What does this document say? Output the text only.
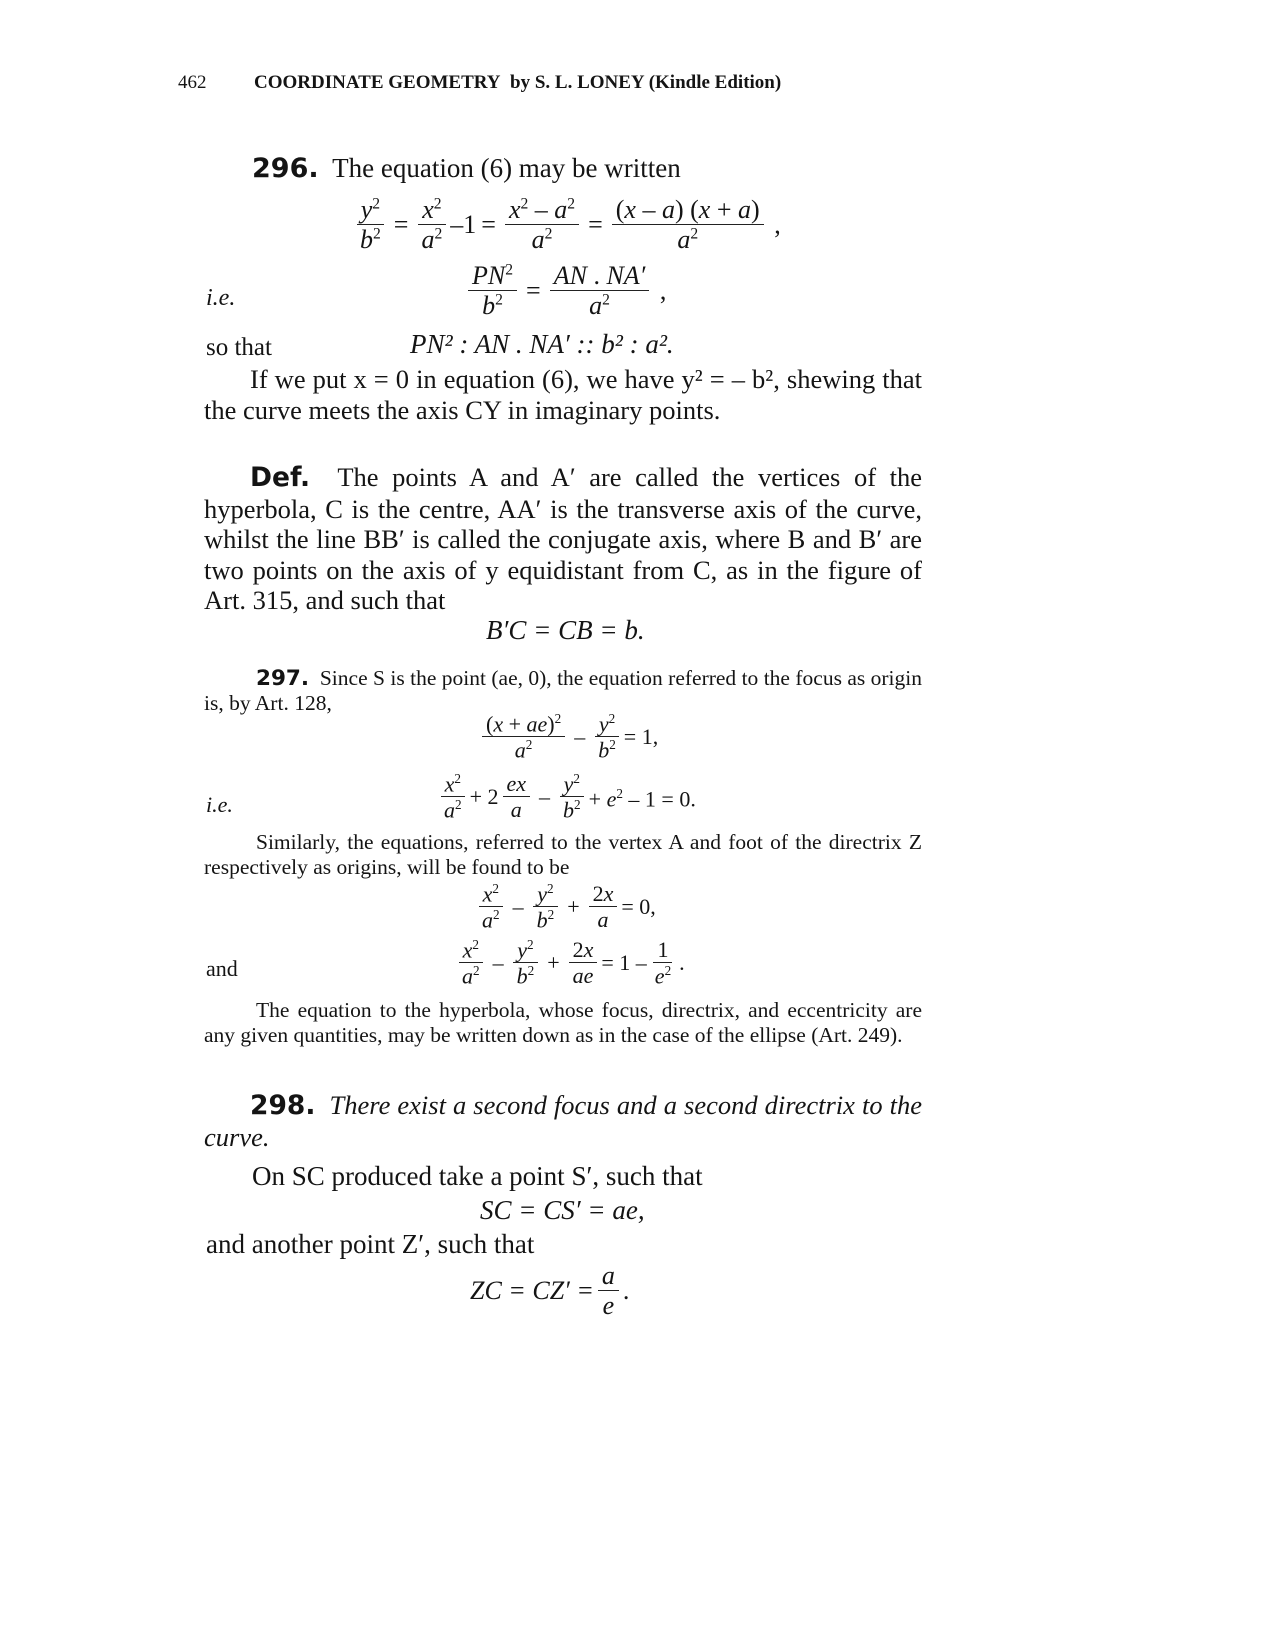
462	COORDINATE GEOMETRY by S. L. LONEY (Kindle Edition)
296. The equation (6) may be written
$\frac{y^2}{b^2} = \frac{x^2}{a^2} -1 = \frac{x^2 - a^2}{a^2} = \frac{(x - a) (x + a)}{a^2}$ ,
i.e.	$\frac{PN^2}{b^2} = \frac{AN . NA'}{a^2}$ ,
so that	PN² : AN . NA′ :: b² : a².
If we put x = 0 in equation (6), we have y² = – b², shewing that the curve meets the axis CY in imaginary points.
Def. The points A and A′ are called the vertices of the hyperbola, C is the centre, AA′ is the transverse axis of the curve, whilst the line BB′ is called the conjugate axis, where B and B′ are two points on the axis of y equidistant from C, as in the figure of Art. 315, and such that
B′C = CB = b.
297. Since S is the point (ae, 0), the equation referred to the focus as origin is, by Art. 128,
$\frac{(x + ae)^2}{a^2} - \frac{y^2}{b^2} = 1$,
i.e.	$\frac{x^2}{a^2} + 2 \frac{ex}{a} - \frac{y^2}{b^2} + e^2 - 1 = 0$.
Similarly, the equations, referred to the vertex A and foot of the directrix Z respectively as origins, will be found to be
$\frac{x^2}{a^2} - \frac{y^2}{b^2} + \frac{2x}{a} = 0$,
and	$\frac{x^2}{a^2} - \frac{y^2}{b^2} + \frac{2x}{ae} = 1 - \frac{1}{e^2}$ .
The equation to the hyperbola, whose focus, directrix, and eccentricity are any given quantities, may be written down as in the case of the ellipse (Art. 249).
298. There exist a second focus and a second directrix to the curve.
On SC produced take a point S′, such that
SC = CS′ = ae,
and another point Z′, such that
ZC = $CZ' = \frac{a}{e}$ .
